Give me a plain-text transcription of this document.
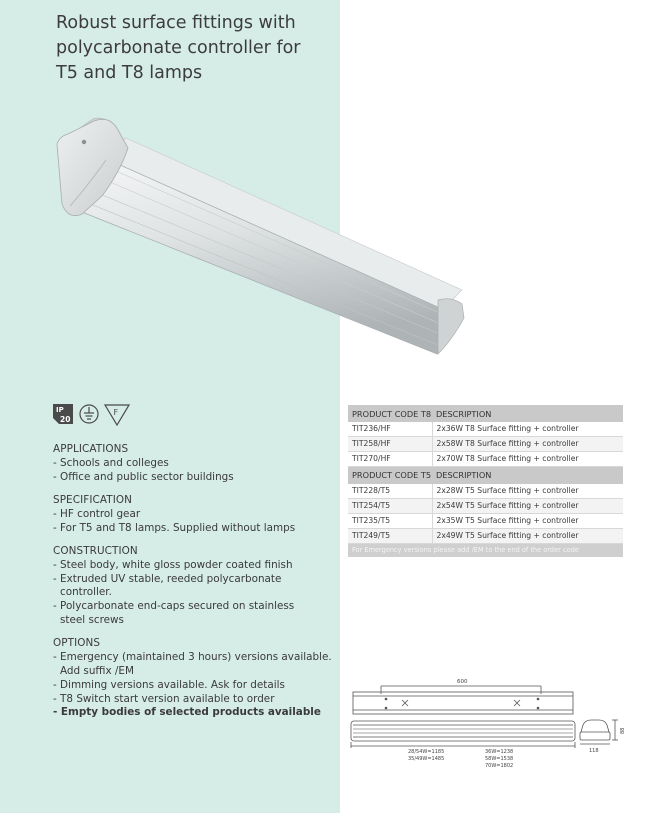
Robust surface fittings with
polycarbonate controller for
T5 and T8 lamps
IP
20
F
APPLICATIONS
- Schools and colleges
- Office and public sector buildings
SPECIFICATION
- HF control gear
- For T5 and T8 lamps. Supplied without lamps
CONSTRUCTION
- Steel body, white gloss powder coated finish
- Extruded UV stable, reeded polycarbonate
controller.
- Polycarbonate end-caps secured on stainless
steel screws
OPTIONS
- Emergency (maintained 3 hours) versions available.
Add suffix /EM
- Dimming versions available. Ask for details
- T8 Switch start version available to order
- Empty bodies of selected products available
PRODUCT CODE T8	DESCRIPTION
TIT236/HF	2x36W T8 Surface fitting + controller
TIT258/HF	2x58W T8 Surface fitting + controller
TIT270/HF	2x70W T8 Surface fitting + controller
PRODUCT CODE T5	DESCRIPTION
TIT228/T5	2x28W T5 Surface fitting + controller
TIT254/T5	2x54W T5 Surface fitting + controller
TIT235/T5	2x35W T5 Surface fitting + controller
TIT249/T5	2x49W T5 Surface fitting + controller
For Emergency versions please add /EM to the end of the order code	
600
28/54W=1185
35/49W=1485
36W=1238
58W=1538
70W=1802
88
118
